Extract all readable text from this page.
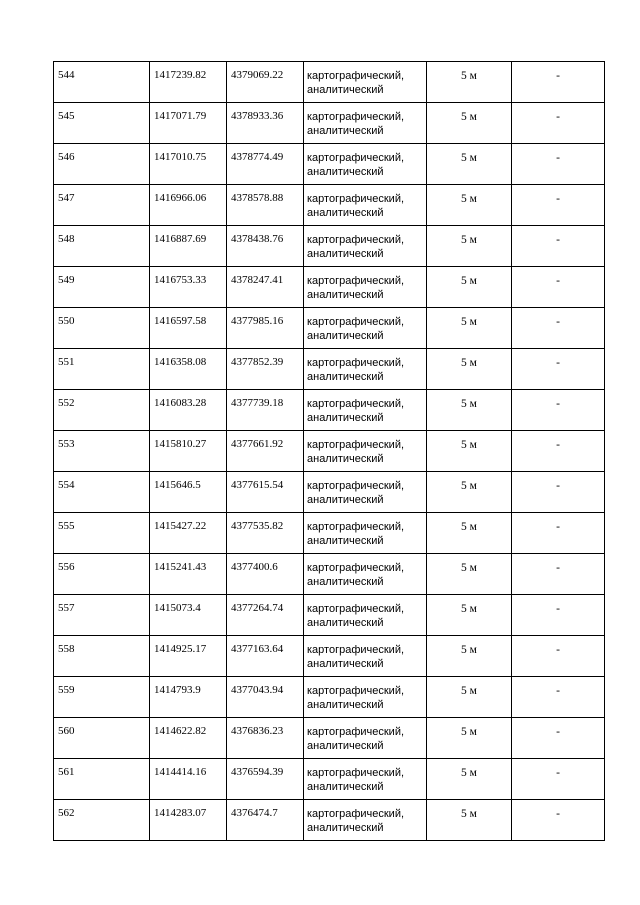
544	1417239.82	4379069.22	картографический,
аналитический	5 м	-

545	1417071.79	4378933.36	картографический,
аналитический	5 м	-

546	1417010.75	4378774.49	картографический,
аналитический	5 м	-

547	1416966.06	4378578.88	картографический,
аналитический	5 м	-

548	1416887.69	4378438.76	картографический,
аналитический	5 м	-

549	1416753.33	4378247.41	картографический,
аналитический	5 м	-

550	1416597.58	4377985.16	картографический,
аналитический	5 м	-

551	1416358.08	4377852.39	картографический,
аналитический	5 м	-

552	1416083.28	4377739.18	картографический,
аналитический	5 м	-

553	1415810.27	4377661.92	картографический,
аналитический	5 м	-

554	1415646.5	4377615.54	картографический,
аналитический	5 м	-

555	1415427.22	4377535.82	картографический,
аналитический	5 м	-

556	1415241.43	4377400.6	картографический,
аналитический	5 м	-

557	1415073.4	4377264.74	картографический,
аналитический	5 м	-

558	1414925.17	4377163.64	картографический,
аналитический	5 м	-

559	1414793.9	4377043.94	картографический,
аналитический	5 м	-

560	1414622.82	4376836.23	картографический,
аналитический	5 м	-

561	1414414.16	4376594.39	картографический,
аналитический	5 м	-

562	1414283.07	4376474.7	картографический,
аналитический	5 м	-
